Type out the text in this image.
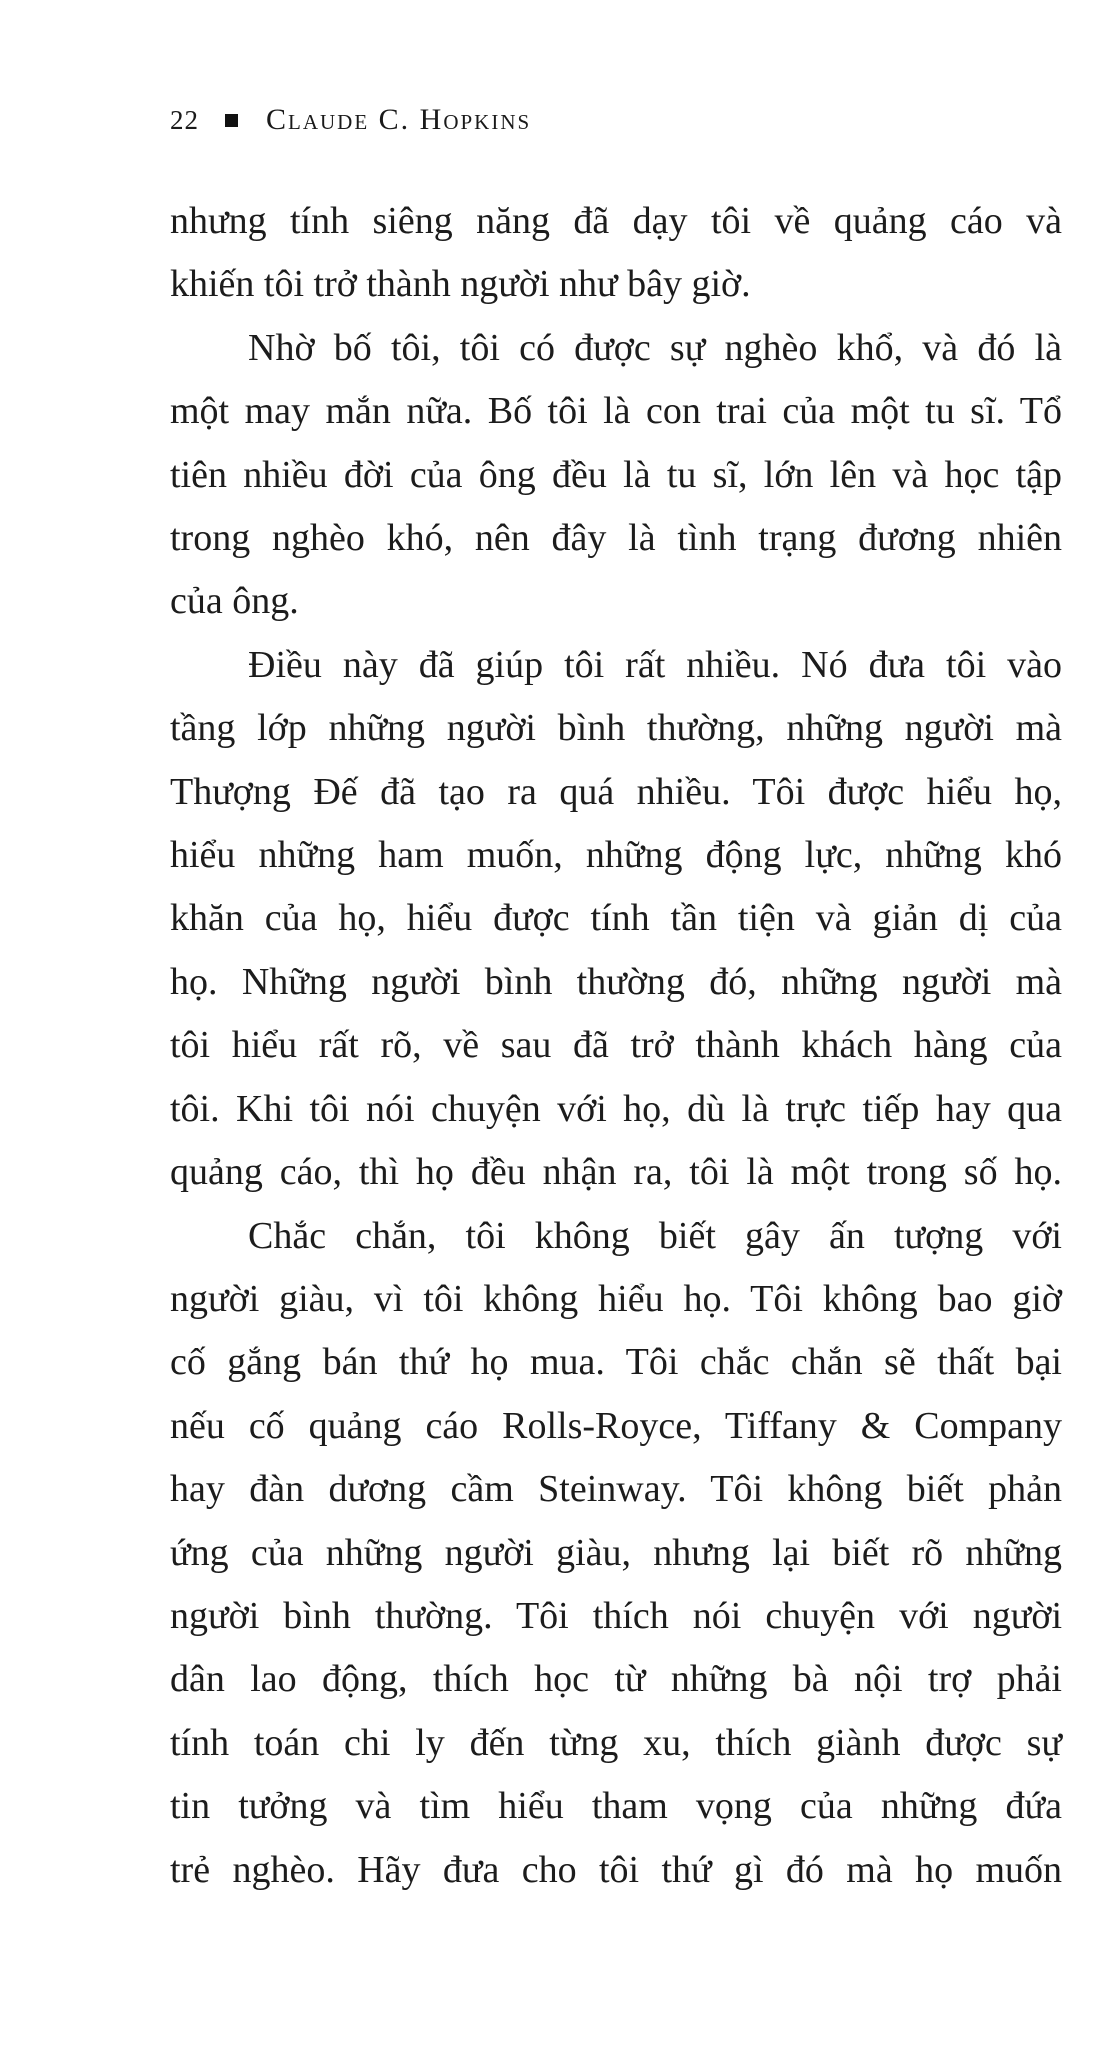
22 Claude C. Hopkins
nhưng tính siêng năng đã dạy tôi về quảng cáo và
khiến tôi trở thành người như bây giờ.
Nhờ bố tôi, tôi có được sự nghèo khổ, và đó là
một may mắn nữa. Bố tôi là con trai của một tu sĩ. Tổ
tiên nhiều đời của ông đều là tu sĩ, lớn lên và học tập
trong nghèo khó, nên đây là tình trạng đương nhiên
của ông.
Điều này đã giúp tôi rất nhiều. Nó đưa tôi vào
tầng lớp những người bình thường, những người mà
Thượng Đế đã tạo ra quá nhiều. Tôi được hiểu họ,
hiểu những ham muốn, những động lực, những khó
khăn của họ, hiểu được tính tần tiện và giản dị của
họ. Những người bình thường đó, những người mà
tôi hiểu rất rõ, về sau đã trở thành khách hàng của
tôi. Khi tôi nói chuyện với họ, dù là trực tiếp hay qua
quảng cáo, thì họ đều nhận ra, tôi là một trong số họ.
Chắc chắn, tôi không biết gây ấn tượng với
người giàu, vì tôi không hiểu họ. Tôi không bao giờ
cố gắng bán thứ họ mua. Tôi chắc chắn sẽ thất bại
nếu cố quảng cáo Rolls-Royce, Tiffany & Company
hay đàn dương cầm Steinway. Tôi không biết phản
ứng của những người giàu, nhưng lại biết rõ những
người bình thường. Tôi thích nói chuyện với người
dân lao động, thích học từ những bà nội trợ phải
tính toán chi ly đến từng xu, thích giành được sự
tin tưởng và tìm hiểu tham vọng của những đứa
trẻ nghèo. Hãy đưa cho tôi thứ gì đó mà họ muốn
